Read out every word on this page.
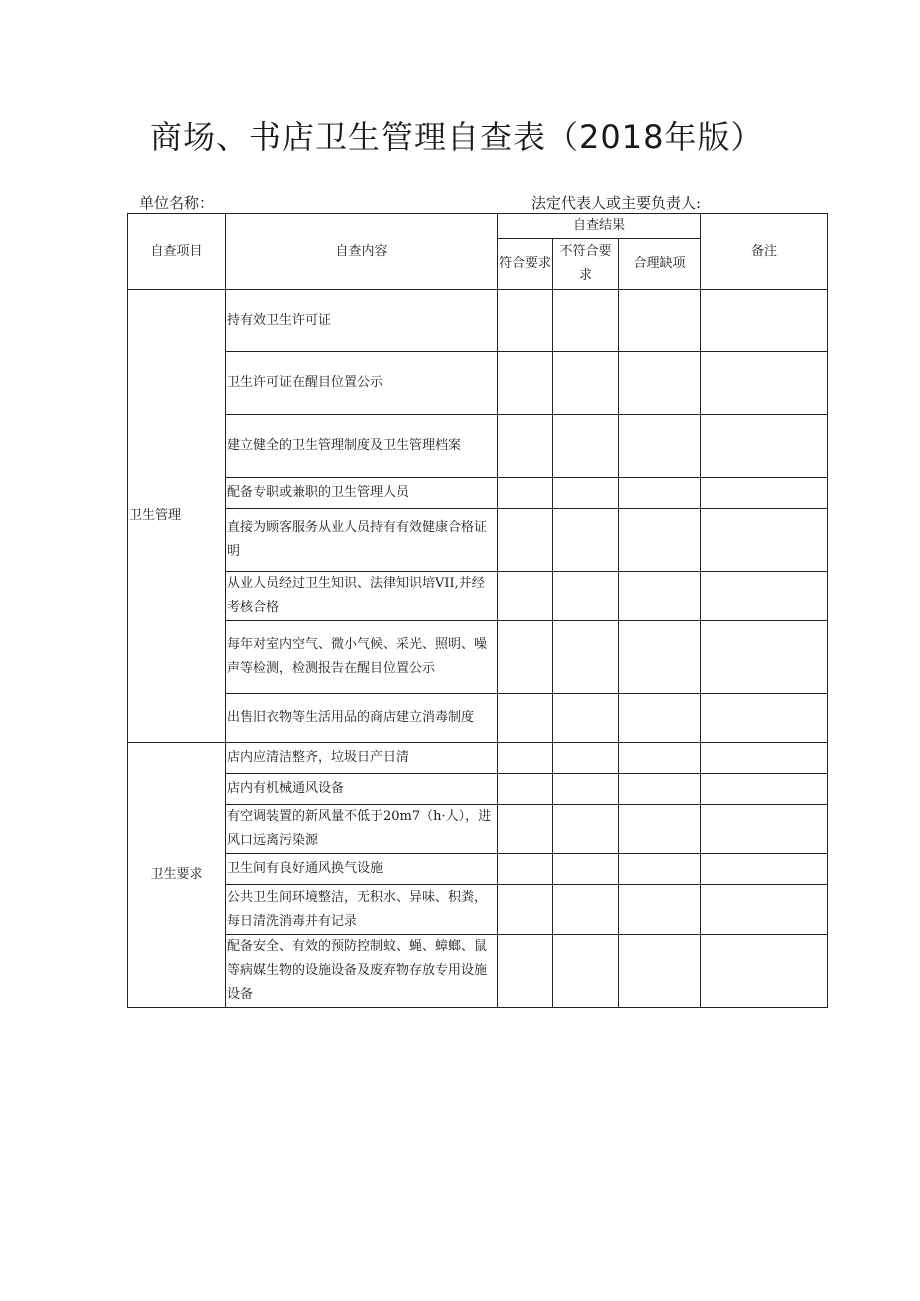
商场、书店卫生管理自查表（2018年版）
单位名称：	法定代表人或主要负责人:
自查项目	自查内容	自查结果			备注
		符合要求	不符合要求	合理缺项	
卫生管理	持有效卫生许可证				
	卫生许可证在醒目位置公示				
	建立健全的卫生管理制度及卫生管理档案				
	配备专职或兼职的卫生管理人员				
	直接为顾客服务从业人员持有有效健康合格证明				
	从业人员经过卫生知识、法律知识培VII,并经考核合格				
	每年对室内空气、微小气候、采光、照明、噪声等检测，检测报告在醒目位置公示				
	出售旧衣物等生活用品的商店建立消毒制度				
卫生要求	店内应清洁整齐，垃圾日产日清				
	店内有机械通风设备				
	有空调装置的新风量不低于20m7（h·人），进风口远离污染源				
	卫生间有良好通风换气设施				
	公共卫生间环境整洁，无积水、异味、积粪，每日清洗消毒并有记录				
	配备安全、有效的预防控制蚊、蝇、蟑螂、鼠等病媒生物的设施设备及废弃物存放专用设施设备				
